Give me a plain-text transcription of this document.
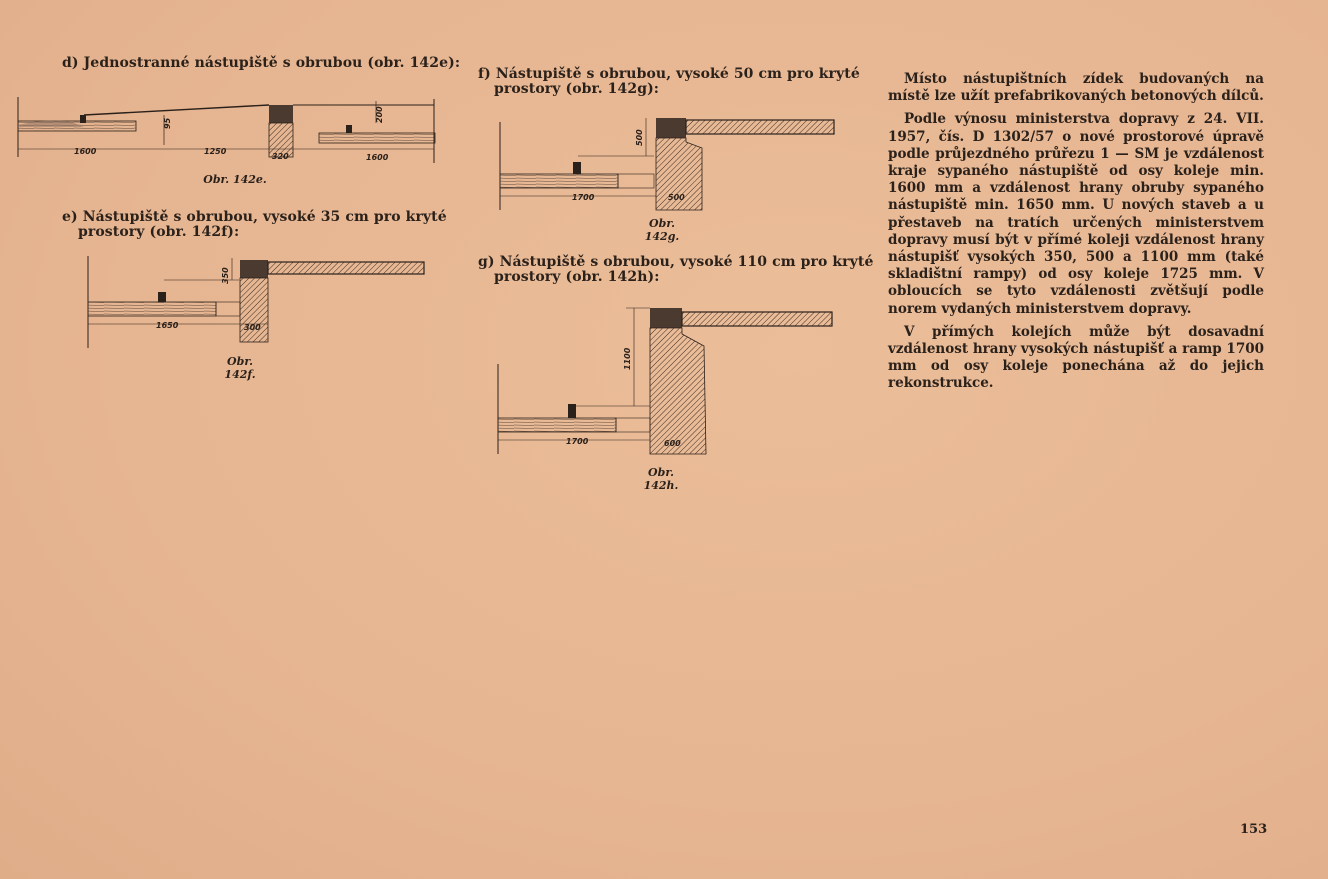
d) Jednostranné nástupiště s obrubou (obr. 142e):
95
200
1600	1250
320	1600
Obr. 142e.
e) Nástupiště s obrubou, vysoké 35 cm pro kryté
prostory (obr. 142f):
350
1650	300
Obr. 142f.
f) Nástupiště s obrubou, vysoké 50 cm pro kryté
prostory (obr. 142g):
500
1700	500
Obr. 142g.
g) Nástupiště s obrubou, vysoké 110 cm pro kryté
prostory (obr. 142h):
1100
1700	600
Obr. 142h.

Místo nástupištních zídek budovaných na místě lze užít prefabrikovaných betonových dílců.

Podle výnosu ministerstva dopravy z 24. VII. 1957, čís. D 1302/57 o nové prostorové úpravě podle průjezdného průřezu 1 — SM je vzdálenost kraje sypaného nástupiště od osy koleje min. 1600 mm a vzdálenost hrany obruby sypaného nástupiště min. 1650 mm. U nových staveb a u přestaveb na tratích určených ministerstvem dopravy musí být v přímé koleji vzdálenost hrany nástupišť vysokých 350, 500 a 1100 mm (také skladištní rampy) od osy koleje 1725 mm. V obloucích se tyto vzdálenosti zvětšují podle norem vydaných ministerstvem dopravy.

V přímých kolejích může být dosavadní vzdálenost hrany vysokých nástupišť a ramp 1700 mm od osy koleje ponechána až do jejich rekonstrukce.

153
